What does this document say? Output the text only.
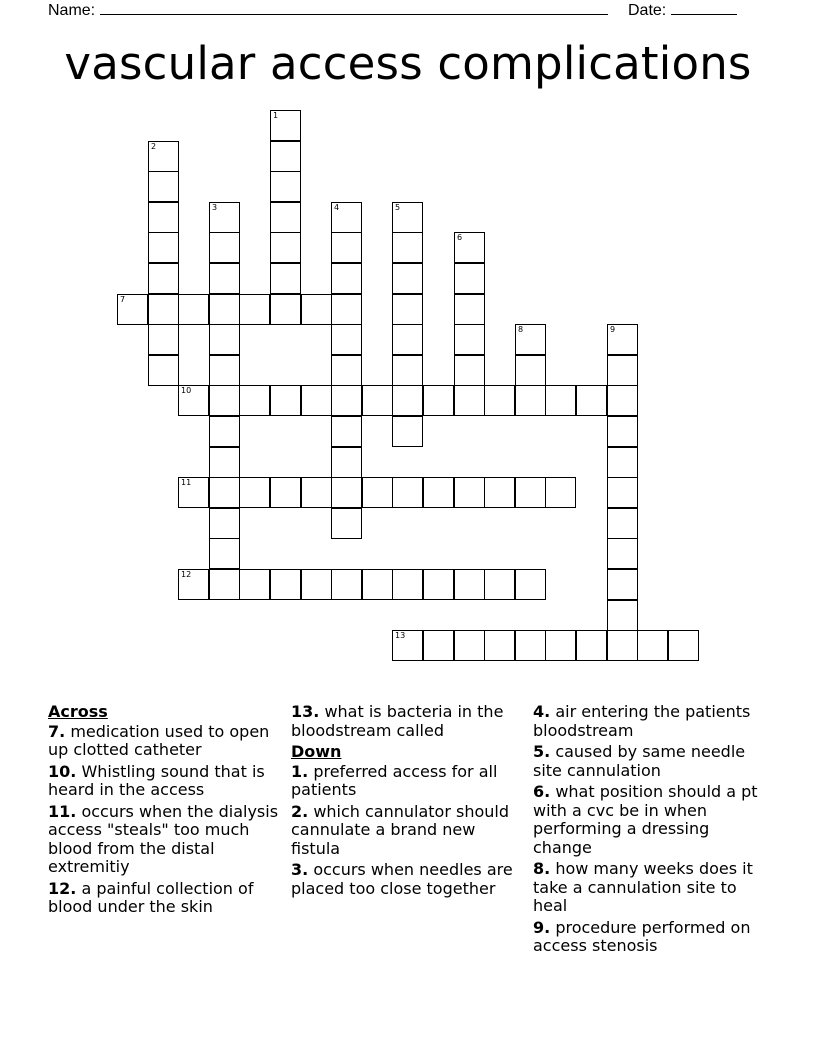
Name:	Date:
vascular access complications
1
2
3	4	5
6
7
8	9
10
11
12
13
Across
7. medication used to open up clotted catheter
10. Whistling sound that is heard in the access
11. occurs when the dialysis access "steals" too much blood from the distal extremitiy
12. a painful collection of blood under the skin
13. what is bacteria in the bloodstream called
Down
1. preferred access for all patients
2. which cannulator should cannulate a brand new fistula
3. occurs when needles are placed too close together
4. air entering the patients bloodstream
5. caused by same needle site cannulation
6. what position should a pt with a cvc be in when performing a dressing change
8. how many weeks does it take a cannulation site to heal
9. procedure performed on access stenosis
